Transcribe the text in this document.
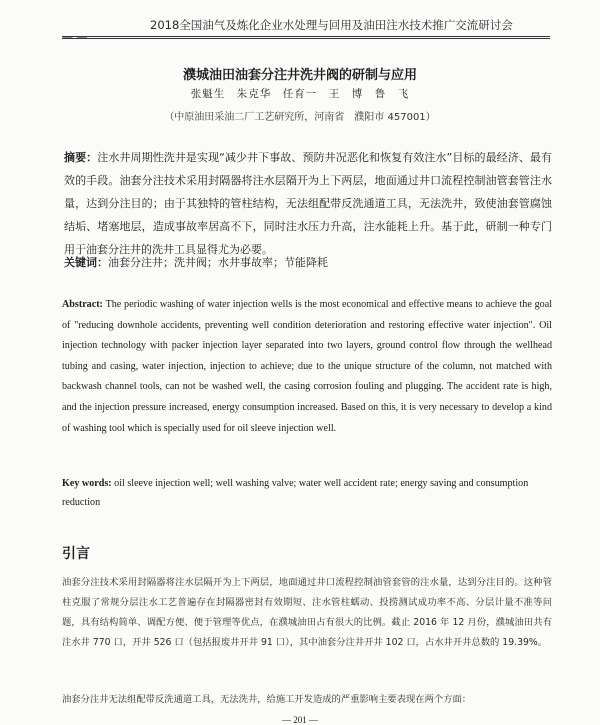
— —
2018全国油气及炼化企业水处理与回用及油田注水技术推广交流研讨会
濮城油田油套分注井洗井阀的研制与应用
张魁生　朱克华　任育一　王　博　鲁　飞
（中原油田采油二厂工艺研究所，河南省　濮阳市 457001）
摘要：注水井周期性洗井是实现“减少井下事故、预防井况恶化和恢复有效注水”目标的最经济、最有效的手段。油套分注技术采用封隔器将注水层隔开为上下两层，地面通过井口流程控制油管套管注水量，达到分注目的；由于其独特的管柱结构，无法组配带反洗通道工具，无法洗井，致使油套管腐蚀结垢、堵塞地层，造成事故率居高不下，同时注水压力升高，注水能耗上升。基于此，研制一种专门用于油套分注井的洗井工具显得尤为必要。
关键词：油套分注井；洗井阀；水井事故率；节能降耗
Abstract: The periodic washing of water injection wells is the most economical and effective means to achieve the goal of "reducing downhole accidents, preventing well condition deterioration and restoring effective water injection". Oil injection technology with packer injection layer separated into two layers, ground control flow through the wellhead tubing and casing, water injection, injection to achieve; due to the unique structure of the column, not matched with backwash channel tools, can not be washed well, the casing corrosion fouling and plugging. The accident rate is high, and the injection pressure increased, energy consumption increased. Based on this, it is very necessary to develop a kind of washing tool which is specially used for oil sleeve injection well.
Key words: oil sleeve injection well; well washing valve; water well accident rate; energy saving and consumption reduction
引言
油套分注技术采用封隔器将注水层隔开为上下两层，地面通过井口流程控制油管套管的注水量，达到分注目的。这种管柱克服了常规分层注水工艺普遍存在封隔器密封有效期短、注水管柱蠕动、投捞测试成功率不高、分层计量不准等问题，具有结构简单、调配方便、便于管理等优点，在濮城油田占有很大的比例。截止 2016 年 12 月份，濮城油田共有注水井 770 口，开井 526 口（包括报废井开井 91 口），其中油套分注井开井 102 口，占水井开井总数的 19.39%。
油套分注井无法组配带反洗通道工具，无法洗井，给施工开发造成的严重影响主要表现在两个方面：
— 201 —
